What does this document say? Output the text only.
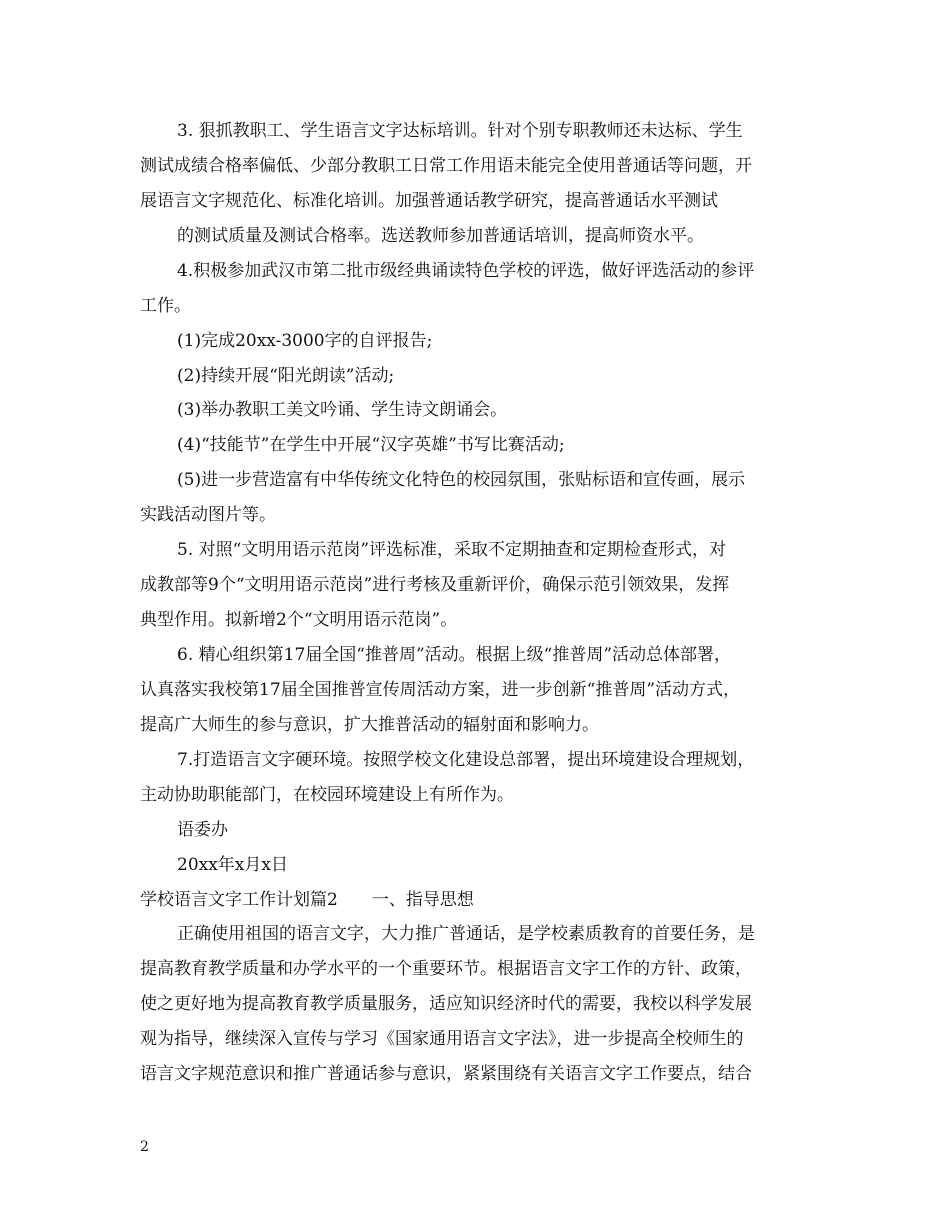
3. 狠抓教职工、学生语言文字达标培训。针对个别专职教师还未达标、学生
测试成绩合格率偏低、少部分教职工日常工作用语未能完全使用普通话等问题，开
展语言文字规范化、标准化培训。加强普通话教学研究，提高普通话水平测试
的测试质量及测试合格率。选送教师参加普通话培训，提高师资水平。
4.积极参加武汉市第二批市级经典诵读特色学校的评选，做好评选活动的参评
工作。
(1)完成20xx-3000字的自评报告;
(2)持续开展“阳光朗读”活动;
(3)举办教职工美文吟诵、学生诗文朗诵会。
(4)“技能节”在学生中开展“汉字英雄”书写比赛活动;
(5)进一步营造富有中华传统文化特色的校园氛围，张贴标语和宣传画，展示
实践活动图片等。
5. 对照“文明用语示范岗”评选标准，采取不定期抽查和定期检查形式，对
成教部等9个“文明用语示范岗”进行考核及重新评价，确保示范引领效果，发挥
典型作用。拟新增2个“文明用语示范岗”。
6. 精心组织第17届全国“推普周”活动。根据上级“推普周”活动总体部署，
认真落实我校第17届全国推普宣传周活动方案，进一步创新“推普周”活动方式，
提高广大师生的参与意识，扩大推普活动的辐射面和影响力。
7.打造语言文字硬环境。按照学校文化建设总部署，提出环境建设合理规划，
主动协助职能部门，在校园环境建设上有所作为。
语委办
20xx年x月x日
学校语言文字工作计划篇2　　一、指导思想
正确使用祖国的语言文字，大力推广普通话，是学校素质教育的首要任务，是
提高教育教学质量和办学水平的一个重要环节。根据语言文字工作的方针、政策，
使之更好地为提高教育教学质量服务，适应知识经济时代的需要，我校以科学发展
观为指导，继续深入宣传与学习《国家通用语言文字法》，进一步提高全校师生的
语言文字规范意识和推广普通话参与意识，紧紧围绕有关语言文字工作要点，结合
2
